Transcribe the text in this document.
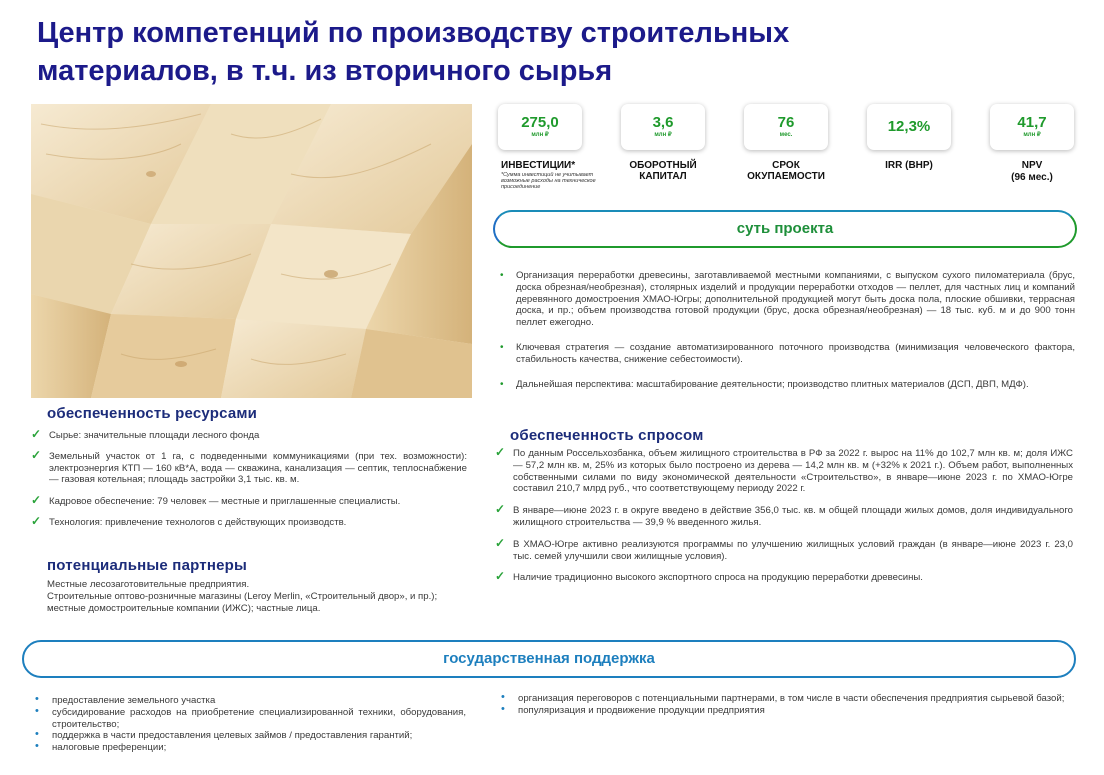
Центр компетенций по производству строительных
материалов, в т.ч. из вторичного сырья
275,0
млн ₽
ИНВЕСТИЦИИ*
*Сумма инвестиций не учитывает возможные расходы на техническое присоединение
3,6
млн ₽
ОБОРОТНЫЙ КАПИТАЛ
76
мес.
СРОК ОКУПАЕМОСТИ
12,3%
IRR (ВНР)
41,7
млн ₽
NPV
(96 мес.)
суть проекта
• Организация переработки древесины, заготавливаемой местными компаниями, с выпуском сухого пиломатериала (брус, доска обрезная/необрезная), столярных изделий и продукции переработки отходов — пеллет, для частных лиц и компаний деревянного домостроения ХМАО-Югры; дополнительной продукцией могут быть доска пола, плоские обшивки, террасная доска, и пр.; объем производства готовой продукции (брус, доска обрезная/необрезная) — 18 тыс. куб. м и до 900 тонн пеллет ежегодно.
• Ключевая стратегия — создание автоматизированного поточного производства (минимизация человеческого фактора, стабильность качества, снижение себестоимости).
• Дальнейшая перспектива: масштабирование деятельности; производство плитных материалов (ДСП, ДВП, МДФ).
обеспеченность ресурсами
✓ Сырье: значительные площади лесного фонда
✓ Земельный участок от 1 га, с подведенными коммуникациями (при тех. возможности): электроэнергия КТП — 160 кВ*А, вода — скважина, канализация — септик, теплоснабжение — газовая котельная; площадь застройки 3,1 тыс. кв. м.
✓ Кадровое обеспечение: 79 человек — местные и приглашенные специалисты.
✓ Технология: привлечение технологов с действующих производств.
потенциальные партнеры
Местные лесозаготовительные предприятия.
Строительные оптово-розничные магазины (Leroy Merlin, «Строительный двор», и пр.); местные домостроительные компании (ИЖС); частные лица.
обеспеченность спросом
✓ По данным Россельхозбанка, объем жилищного строительства в РФ за 2022 г. вырос на 11% до 102,7 млн кв. м; доля ИЖС — 57,2 млн кв. м, 25% из которых было построено из дерева — 14,2 млн кв. м (+32% к 2021 г.). Объем работ, выполненных собственными силами по виду экономической деятельности «Строительство», в январе—июне 2023 г. по ХМАО-Югре составил 210,7 млрд руб., что соответствующему периоду 2022 г.
✓ В январе—июне 2023 г. в округе введено в действие 356,0 тыс. кв. м общей площади жилых домов, доля индивидуального жилищного строительства — 39,9 % введенного жилья.
✓ В ХМАО-Югре активно реализуются программы по улучшению жилищных условий граждан (в январе—июне 2023 г. 23,0 тыс. семей улучшили свои жилищные условия).
✓ Наличие традиционно высокого экспортного спроса на продукцию переработки древесины.
государственная поддержка
• предоставление земельного участка
• субсидирование расходов на приобретение специализированной техники, оборудования, строительство;
• поддержка в части предоставления целевых займов / предоставления гарантий;
• налоговые преференции;
• организация переговоров с потенциальными партнерами, в том числе в части обеспечения предприятия сырьевой базой;
• популяризация и продвижение продукции предприятия
